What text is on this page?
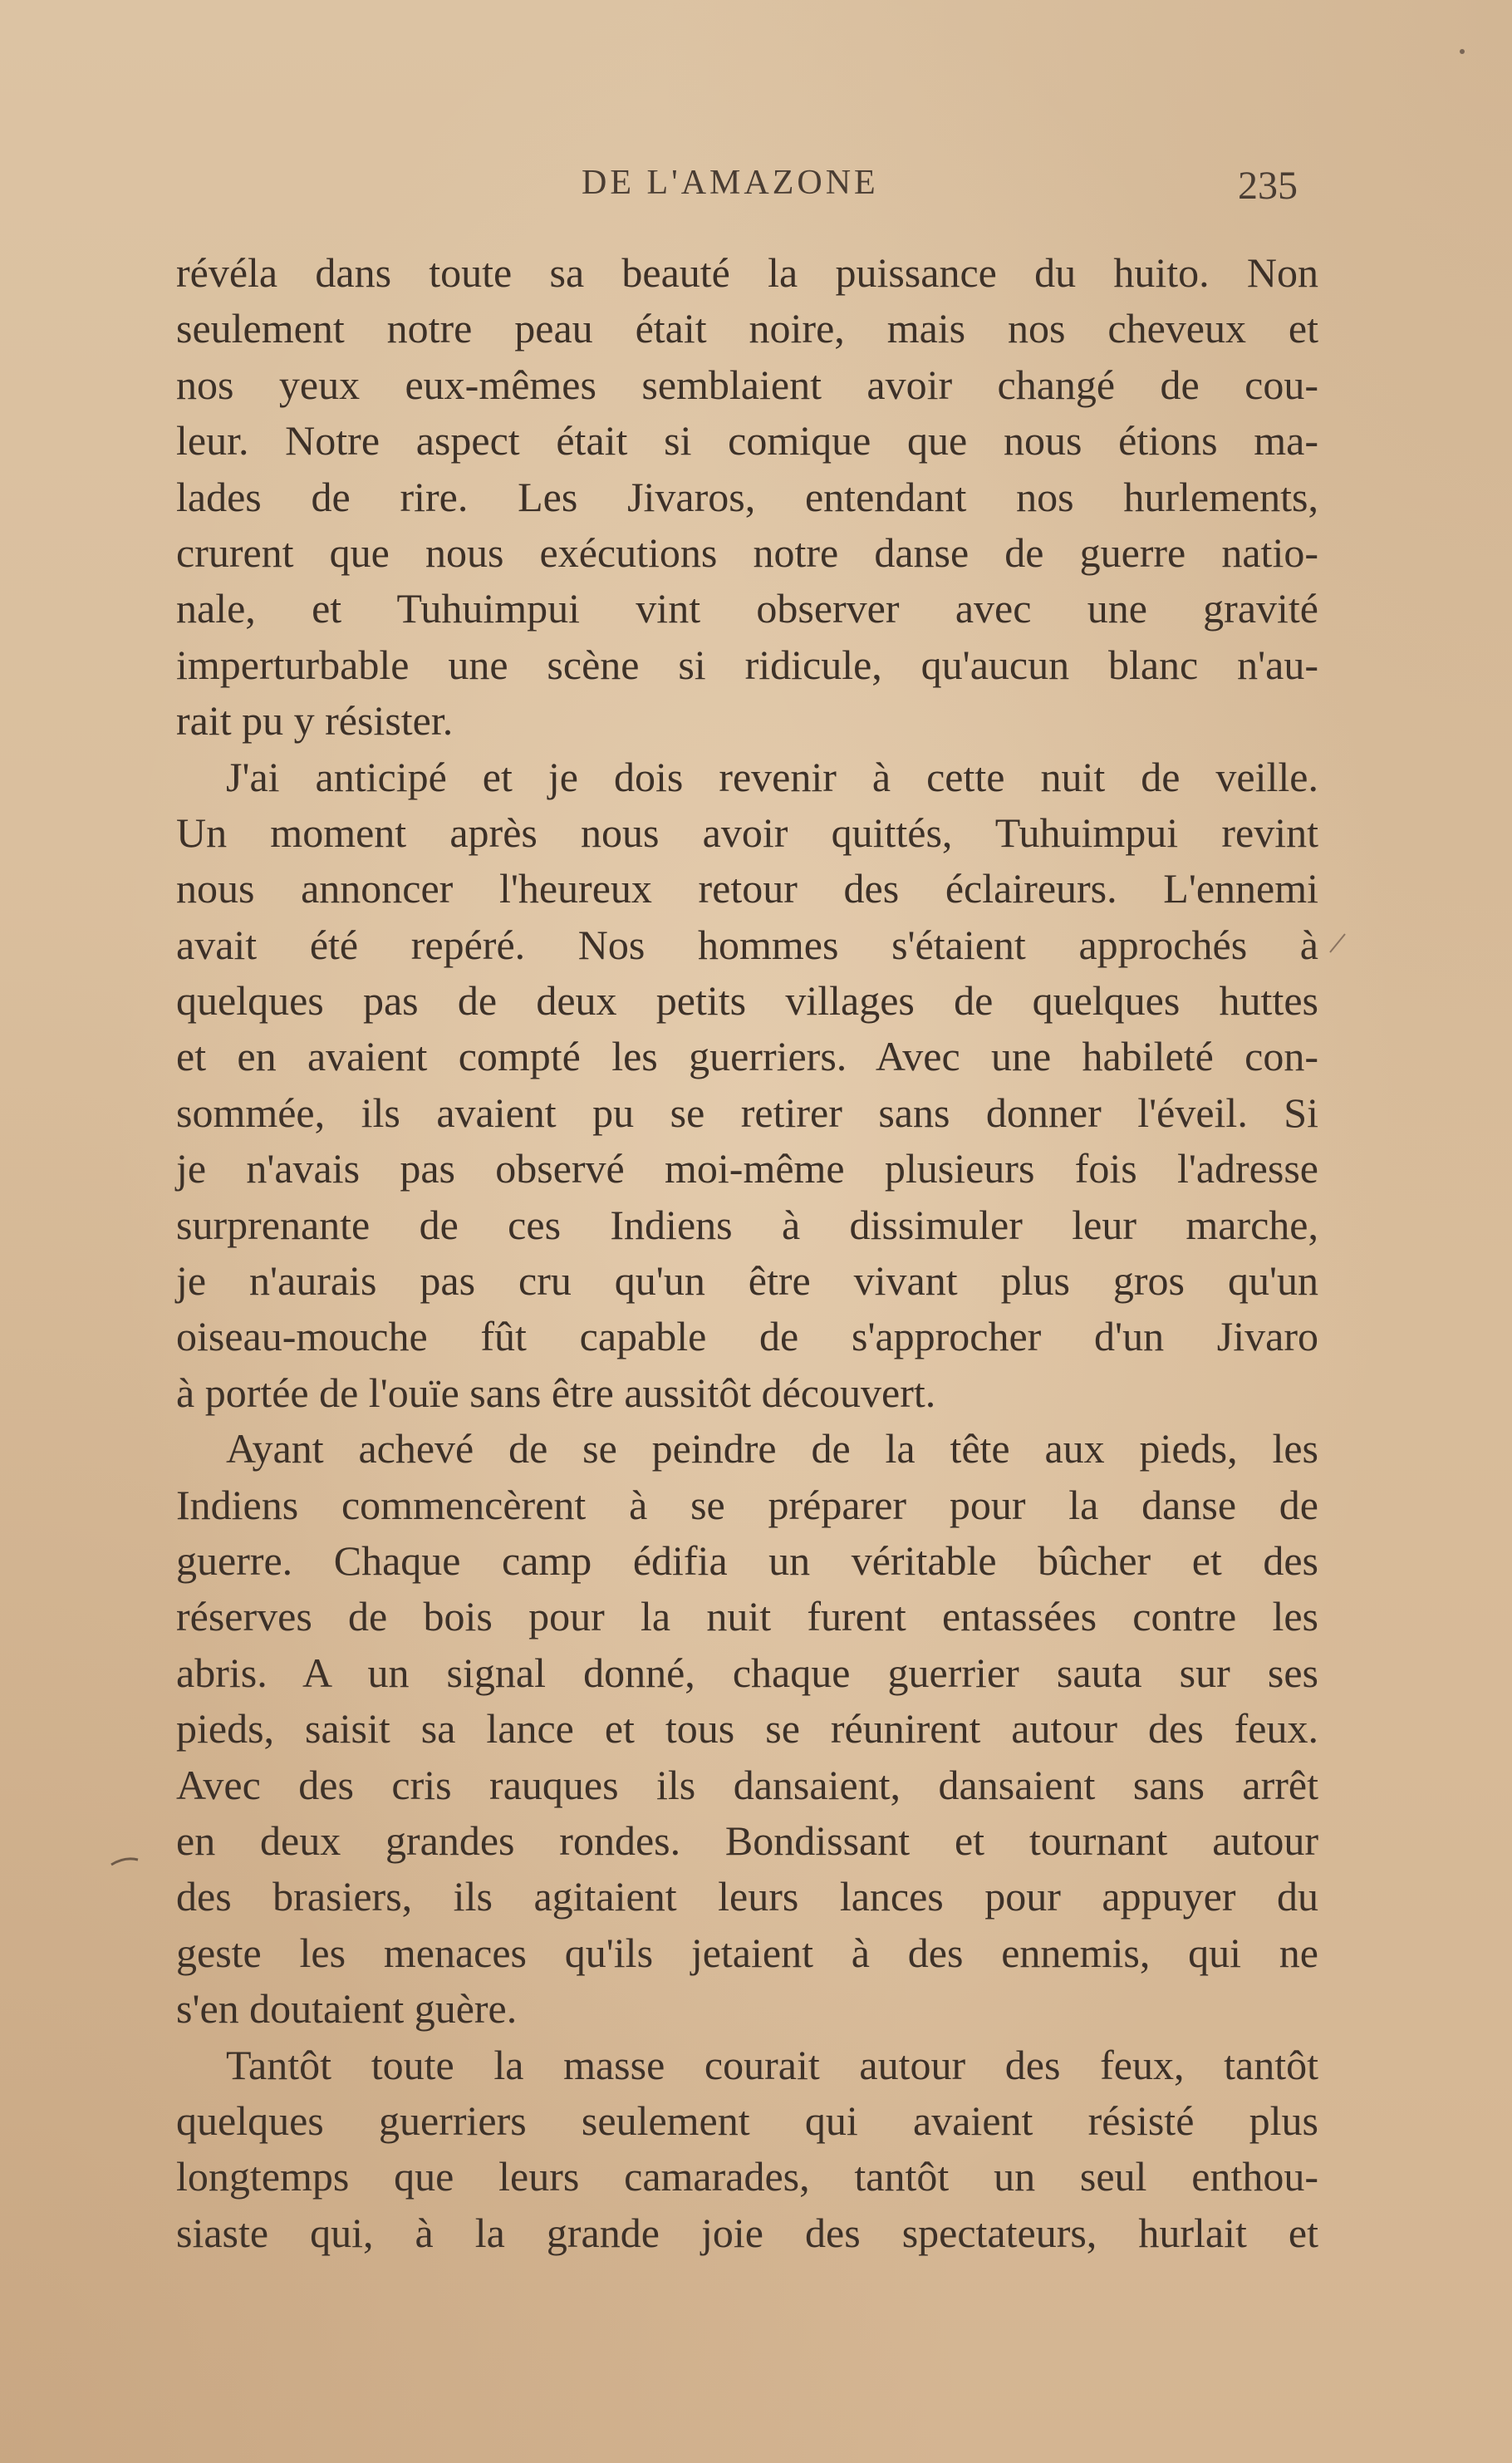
DE L'AMAZONE	235
révéla dans toute sa beauté la puissance du huito. Non
seulement notre peau était noire, mais nos cheveux et
nos yeux eux-mêmes semblaient avoir changé de cou-
leur. Notre aspect était si comique que nous étions ma-
lades de rire. Les Jivaros, entendant nos hurlements,
crurent que nous exécutions notre danse de guerre natio-
nale, et Tuhuimpui vint observer avec une gravité
imperturbable une scène si ridicule, qu'aucun blanc n'au-
rait pu y résister.
J'ai anticipé et je dois revenir à cette nuit de veille.
Un moment après nous avoir quittés, Tuhuimpui revint
nous annoncer l'heureux retour des éclaireurs. L'ennemi
avait été repéré. Nos hommes s'étaient approchés à
quelques pas de deux petits villages de quelques huttes
et en avaient compté les guerriers. Avec une habileté con-
sommée, ils avaient pu se retirer sans donner l'éveil. Si
je n'avais pas observé moi-même plusieurs fois l'adresse
surprenante de ces Indiens à dissimuler leur marche,
je n'aurais pas cru qu'un être vivant plus gros qu'un
oiseau-mouche fût capable de s'approcher d'un Jivaro
à portée de l'ouïe sans être aussitôt découvert.
Ayant achevé de se peindre de la tête aux pieds, les
Indiens commencèrent à se préparer pour la danse de
guerre. Chaque camp édifia un véritable bûcher et des
réserves de bois pour la nuit furent entassées contre les
abris. A un signal donné, chaque guerrier sauta sur ses
pieds, saisit sa lance et tous se réunirent autour des feux.
Avec des cris rauques ils dansaient, dansaient sans arrêt
en deux grandes rondes. Bondissant et tournant autour
des brasiers, ils agitaient leurs lances pour appuyer du
geste les menaces qu'ils jetaient à des ennemis, qui ne
s'en doutaient guère.
Tantôt toute la masse courait autour des feux, tantôt
quelques guerriers seulement qui avaient résisté plus
longtemps que leurs camarades, tantôt un seul enthou-
siaste qui, à la grande joie des spectateurs, hurlait et
